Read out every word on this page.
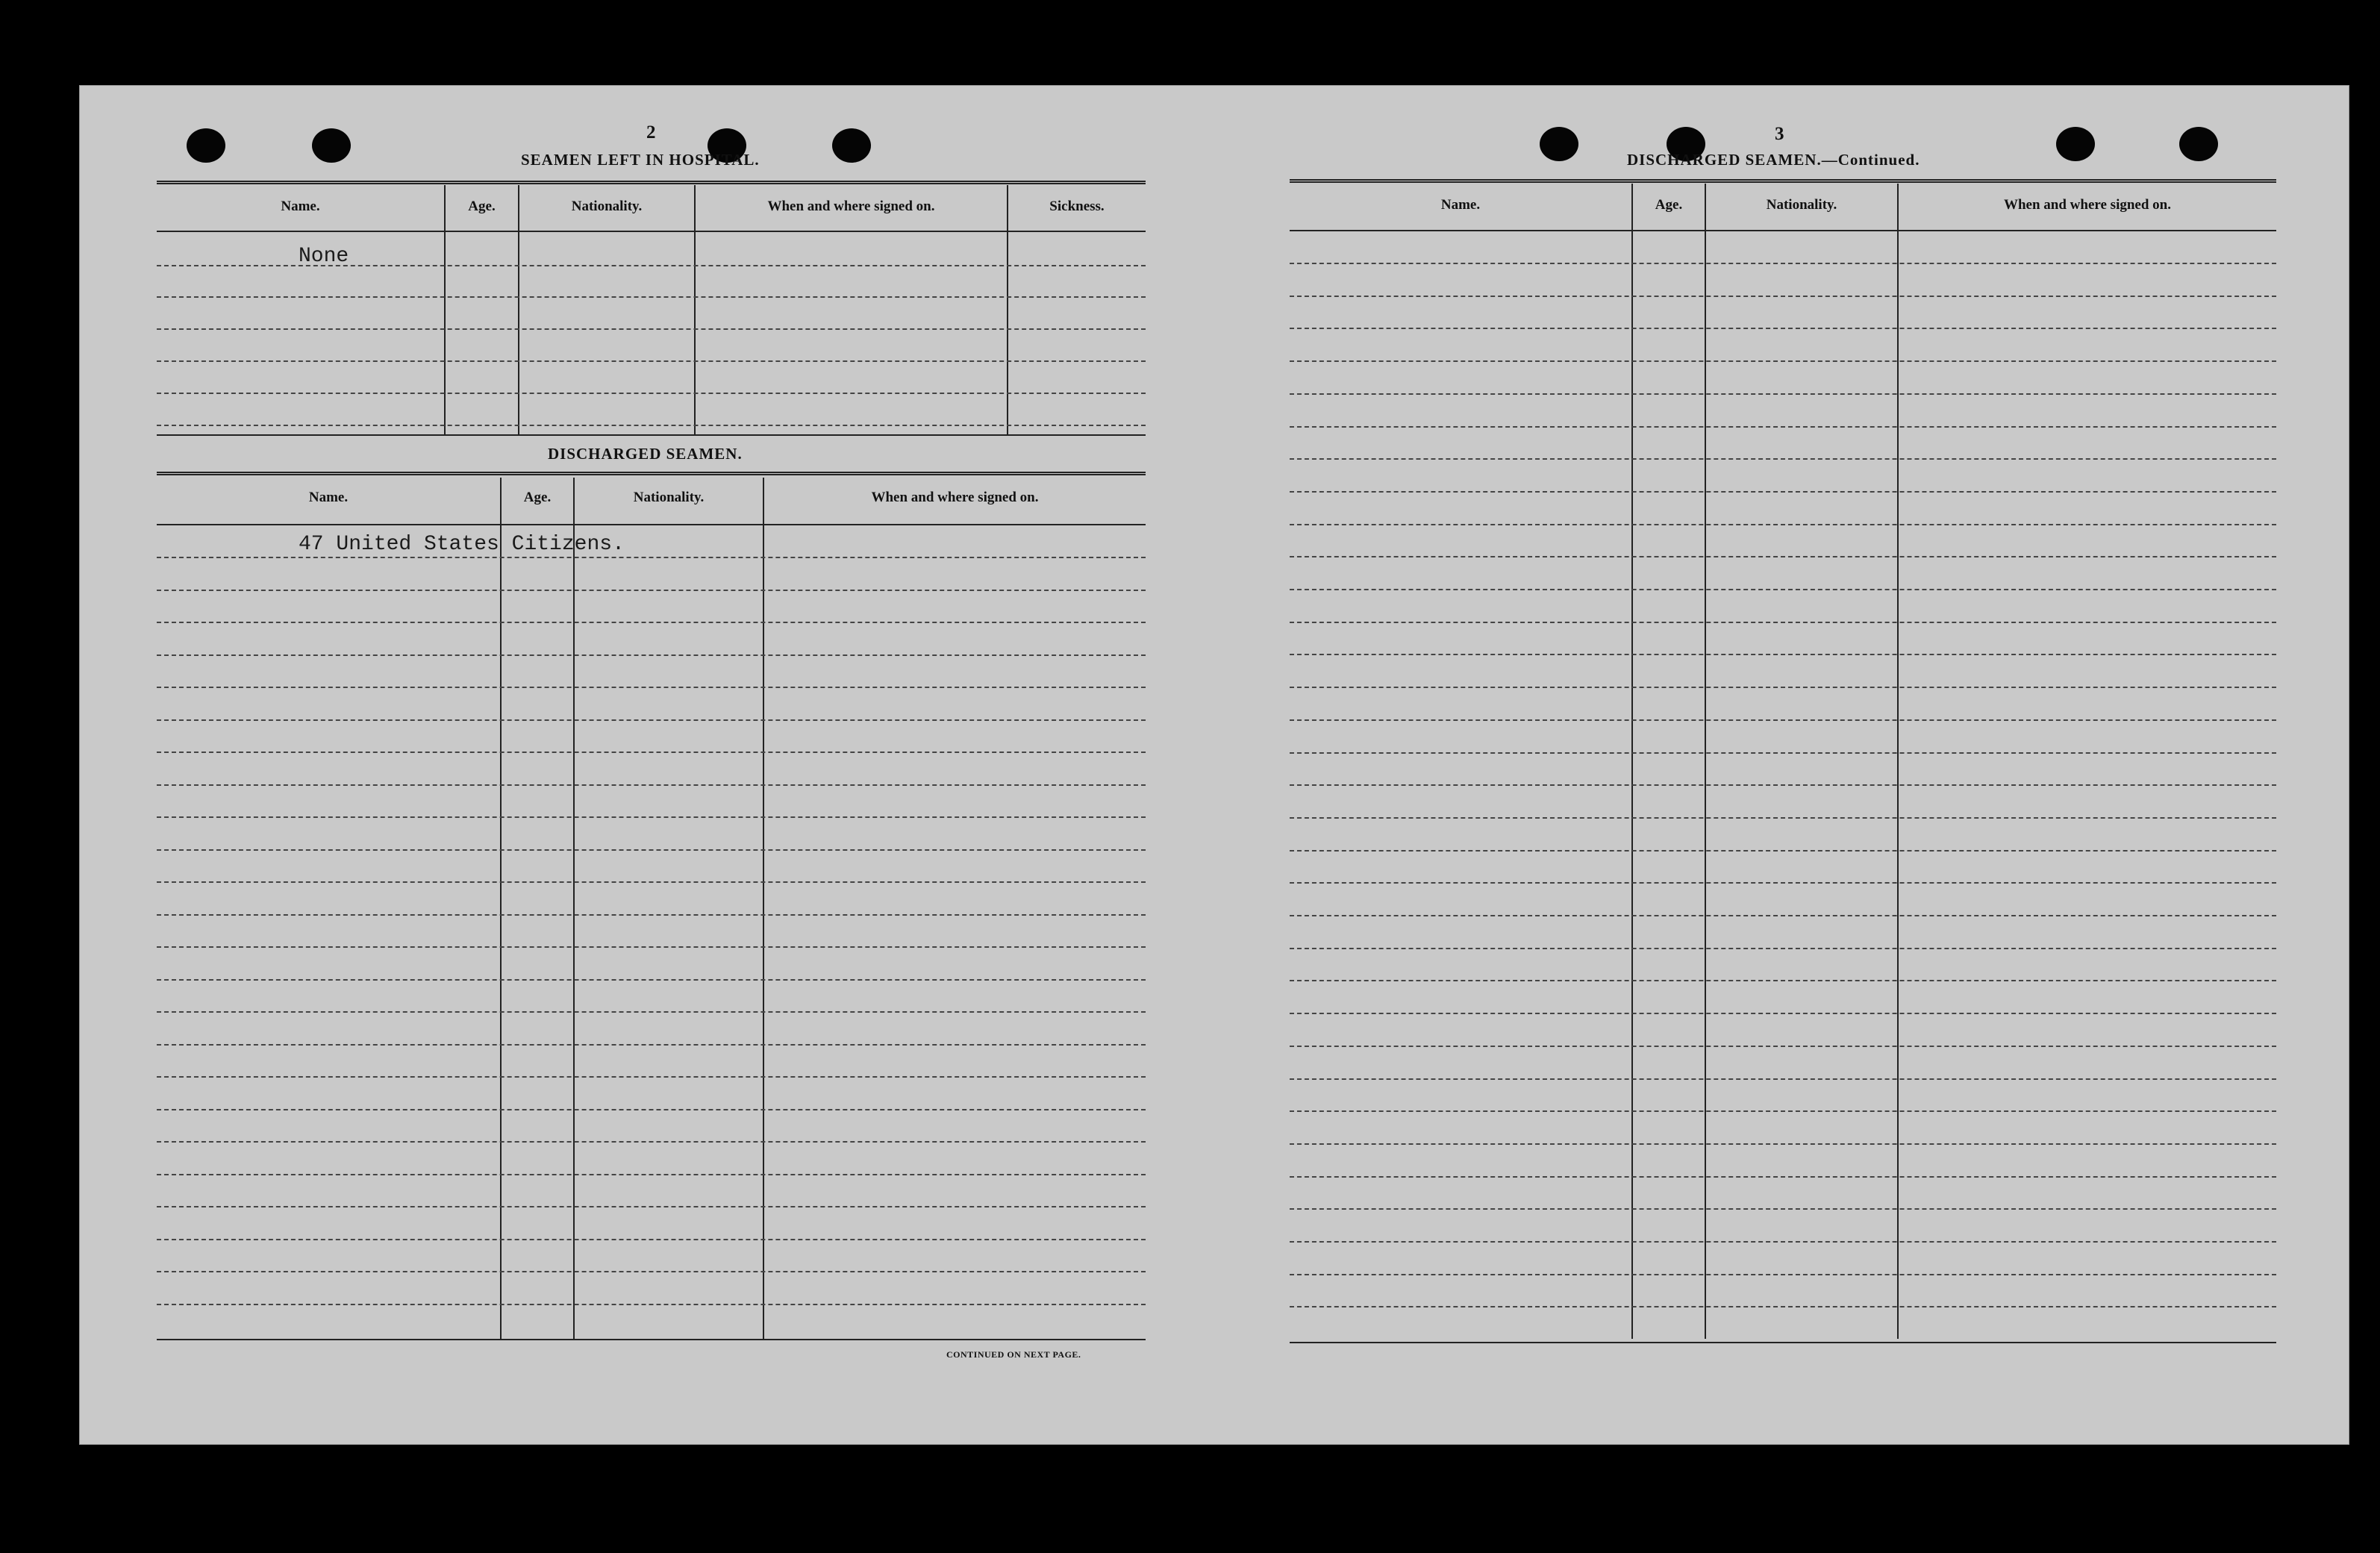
2
SEAMEN LEFT IN HOSPITAL.
Name.	Age.	Nationality.	When and where signed on.	Sickness.
None
DISCHARGED SEAMEN.
Name.	Age.	Nationality.	When and where signed on.
47 United States Citizens.
CONTINUED ON NEXT PAGE.
3
DISCHARGED SEAMEN.—Continued.
Name.	Age.	Nationality.	When and where signed on.
